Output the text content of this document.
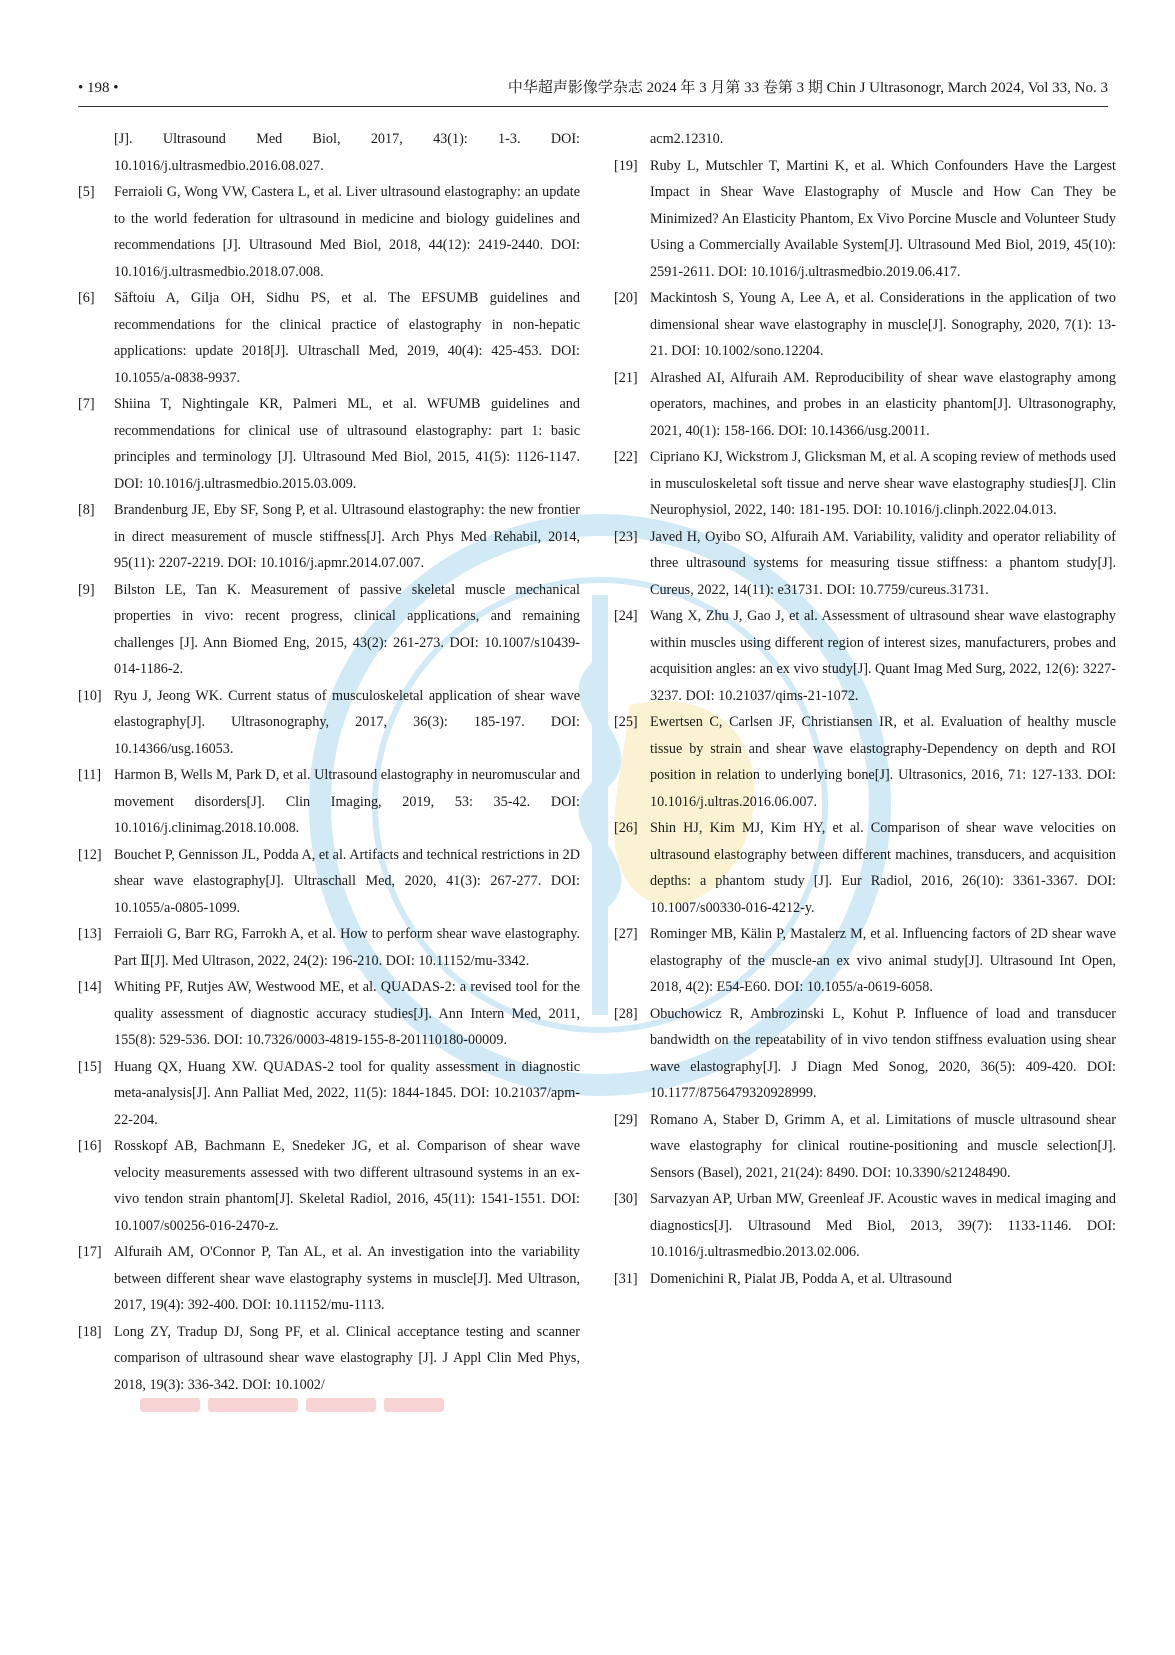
• 198 •	中华超声影像学杂志 2024 年 3 月第 33 卷第 3 期 Chin J Ultrasonogr, March 2024, Vol 33, No. 3
[J]. Ultrasound Med Biol, 2017, 43(1): 1-3. DOI: 10.1016/j.ultrasmedbio.2016.08.027.
[5] Ferraioli G, Wong VW, Castera L, et al. Liver ultrasound elastography: an update to the world federation for ultrasound in medicine and biology guidelines and recommendations [J]. Ultrasound Med Biol, 2018, 44(12): 2419-2440. DOI: 10.1016/j.ultrasmedbio.2018.07.008.
[6] Săftoiu A, Gilja OH, Sidhu PS, et al. The EFSUMB guidelines and recommendations for the clinical practice of elastography in non-hepatic applications: update 2018[J]. Ultraschall Med, 2019, 40(4): 425-453. DOI: 10.1055/a-0838-9937.
[7] Shiina T, Nightingale KR, Palmeri ML, et al. WFUMB guidelines and recommendations for clinical use of ultrasound elastography: part 1: basic principles and terminology [J]. Ultrasound Med Biol, 2015, 41(5): 1126-1147. DOI: 10.1016/j.ultrasmedbio.2015.03.009.
[8] Brandenburg JE, Eby SF, Song P, et al. Ultrasound elastography: the new frontier in direct measurement of muscle stiffness[J]. Arch Phys Med Rehabil, 2014, 95(11): 2207-2219. DOI: 10.1016/j.apmr.2014.07.007.
[9] Bilston LE, Tan K. Measurement of passive skeletal muscle mechanical properties in vivo: recent progress, clinical applications, and remaining challenges [J]. Ann Biomed Eng, 2015, 43(2): 261-273. DOI: 10.1007/s10439-014-1186-2.
[10] Ryu J, Jeong WK. Current status of musculoskeletal application of shear wave elastography[J]. Ultrasonography, 2017, 36(3): 185-197. DOI: 10.14366/usg.16053.
[11] Harmon B, Wells M, Park D, et al. Ultrasound elastography in neuromuscular and movement disorders[J]. Clin Imaging, 2019, 53: 35-42. DOI: 10.1016/j.clinimag.2018.10.008.
[12] Bouchet P, Gennisson JL, Podda A, et al. Artifacts and technical restrictions in 2D shear wave elastography[J]. Ultraschall Med, 2020, 41(3): 267-277. DOI: 10.1055/a-0805-1099.
[13] Ferraioli G, Barr RG, Farrokh A, et al. How to perform shear wave elastography. Part Ⅱ[J]. Med Ultrason, 2022, 24(2): 196-210. DOI: 10.11152/mu-3342.
[14] Whiting PF, Rutjes AW, Westwood ME, et al. QUADAS-2: a revised tool for the quality assessment of diagnostic accuracy studies[J]. Ann Intern Med, 2011, 155(8): 529-536. DOI: 10.7326/0003-4819-155-8-201110180-00009.
[15] Huang QX, Huang XW. QUADAS-2 tool for quality assessment in diagnostic meta-analysis[J]. Ann Palliat Med, 2022, 11(5): 1844-1845. DOI: 10.21037/apm-22-204.
[16] Rosskopf AB, Bachmann E, Snedeker JG, et al. Comparison of shear wave velocity measurements assessed with two different ultrasound systems in an ex-vivo tendon strain phantom[J]. Skeletal Radiol, 2016, 45(11): 1541-1551. DOI: 10.1007/s00256-016-2470-z.
[17] Alfuraih AM, O'Connor P, Tan AL, et al. An investigation into the variability between different shear wave elastography systems in muscle[J]. Med Ultrason, 2017, 19(4): 392-400. DOI: 10.11152/mu-1113.
[18] Long ZY, Tradup DJ, Song PF, et al. Clinical acceptance testing and scanner comparison of ultrasound shear wave elastography [J]. J Appl Clin Med Phys, 2018, 19(3): 336-342. DOI: 10.1002/
acm2.12310.
[19] Ruby L, Mutschler T, Martini K, et al. Which Confounders Have the Largest Impact in Shear Wave Elastography of Muscle and How Can They be Minimized? An Elasticity Phantom, Ex Vivo Porcine Muscle and Volunteer Study Using a Commercially Available System[J]. Ultrasound Med Biol, 2019, 45(10): 2591-2611. DOI: 10.1016/j.ultrasmedbio.2019.06.417.
[20] Mackintosh S, Young A, Lee A, et al. Considerations in the application of two dimensional shear wave elastography in muscle[J]. Sonography, 2020, 7(1): 13-21. DOI: 10.1002/sono.12204.
[21] Alrashed AI, Alfuraih AM. Reproducibility of shear wave elastography among operators, machines, and probes in an elasticity phantom[J]. Ultrasonography, 2021, 40(1): 158-166. DOI: 10.14366/usg.20011.
[22] Cipriano KJ, Wickstrom J, Glicksman M, et al. A scoping review of methods used in musculoskeletal soft tissue and nerve shear wave elastography studies[J]. Clin Neurophysiol, 2022, 140: 181-195. DOI: 10.1016/j.clinph.2022.04.013.
[23] Javed H, Oyibo SO, Alfuraih AM. Variability, validity and operator reliability of three ultrasound systems for measuring tissue stiffness: a phantom study[J]. Cureus, 2022, 14(11): e31731. DOI: 10.7759/cureus.31731.
[24] Wang X, Zhu J, Gao J, et al. Assessment of ultrasound shear wave elastography within muscles using different region of interest sizes, manufacturers, probes and acquisition angles: an ex vivo study[J]. Quant Imag Med Surg, 2022, 12(6): 3227-3237. DOI: 10.21037/qims-21-1072.
[25] Ewertsen C, Carlsen JF, Christiansen IR, et al. Evaluation of healthy muscle tissue by strain and shear wave elastography-Dependency on depth and ROI position in relation to underlying bone[J]. Ultrasonics, 2016, 71: 127-133. DOI: 10.1016/j.ultras.2016.06.007.
[26] Shin HJ, Kim MJ, Kim HY, et al. Comparison of shear wave velocities on ultrasound elastography between different machines, transducers, and acquisition depths: a phantom study [J]. Eur Radiol, 2016, 26(10): 3361-3367. DOI: 10.1007/s00330-016-4212-y.
[27] Rominger MB, Kälin P, Mastalerz M, et al. Influencing factors of 2D shear wave elastography of the muscle-an ex vivo animal study[J]. Ultrasound Int Open, 2018, 4(2): E54-E60. DOI: 10.1055/a-0619-6058.
[28] Obuchowicz R, Ambrozinski L, Kohut P. Influence of load and transducer bandwidth on the repeatability of in vivo tendon stiffness evaluation using shear wave elastography[J]. J Diagn Med Sonog, 2020, 36(5): 409-420. DOI: 10.1177/8756479320928999.
[29] Romano A, Staber D, Grimm A, et al. Limitations of muscle ultrasound shear wave elastography for clinical routine-positioning and muscle selection[J]. Sensors (Basel), 2021, 21(24): 8490. DOI: 10.3390/s21248490.
[30] Sarvazyan AP, Urban MW, Greenleaf JF. Acoustic waves in medical imaging and diagnostics[J]. Ultrasound Med Biol, 2013, 39(7): 1133-1146. DOI: 10.1016/j.ultrasmedbio.2013.02.006.
[31] Domenichini R, Pialat JB, Podda A, et al. Ultrasound
